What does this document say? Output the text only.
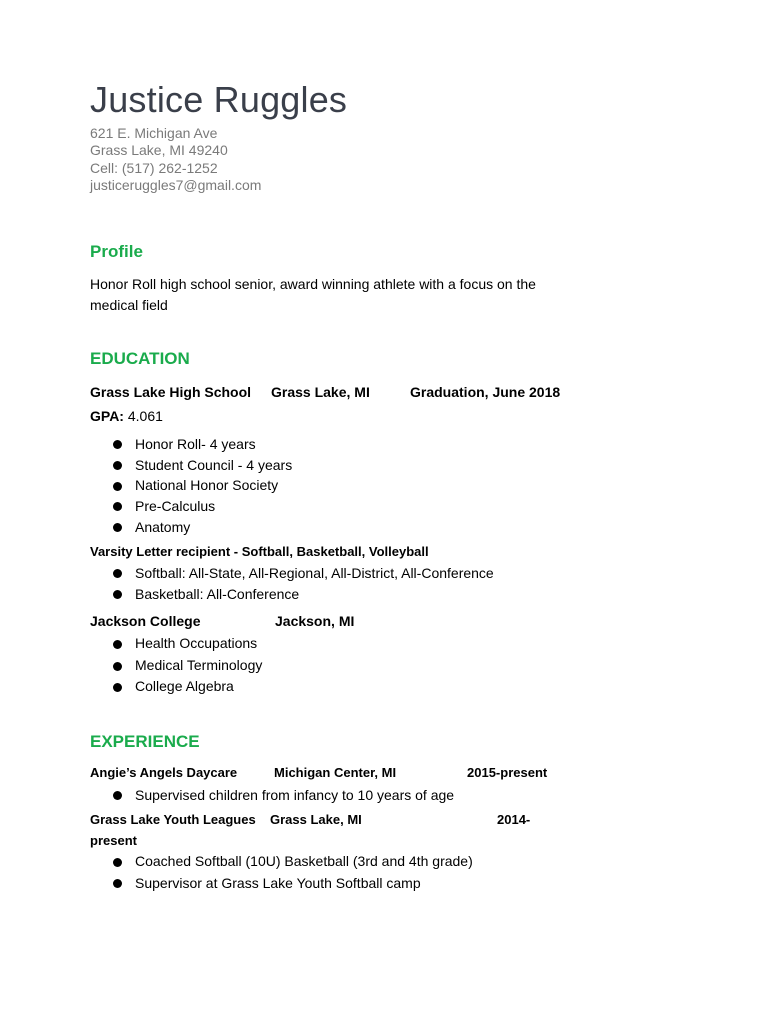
Justice Ruggles
621 E. Michigan Ave
Grass Lake, MI 49240
Cell: (517) 262-1252
justiceruggles7@gmail.com
Profile
Honor Roll high school senior, award winning athlete with a focus on the
medical field
EDUCATION
Grass Lake High School Grass Lake, MI	Graduation, June 2018
GPA: 4.061
Honor Roll- 4 years
Student Council - 4 years
National Honor Society
Pre-Calculus
Anatomy
Varsity Letter recipient - Softball, Basketball, Volleyball
Softball: All-State, All-Regional, All-District, All-Conference
Basketball: All-Conference
Jackson College	Jackson, MI
Health Occupations
Medical Terminology
College Algebra
EXPERIENCE
Angie’s Angels Daycare	Michigan Center, MI	2015-present
Supervised children from infancy to 10 years of age
Grass Lake Youth Leagues Grass Lake, MI	2014-
present
Coached Softball (10U) Basketball (3rd and 4th grade)
Supervisor at Grass Lake Youth Softball camp
